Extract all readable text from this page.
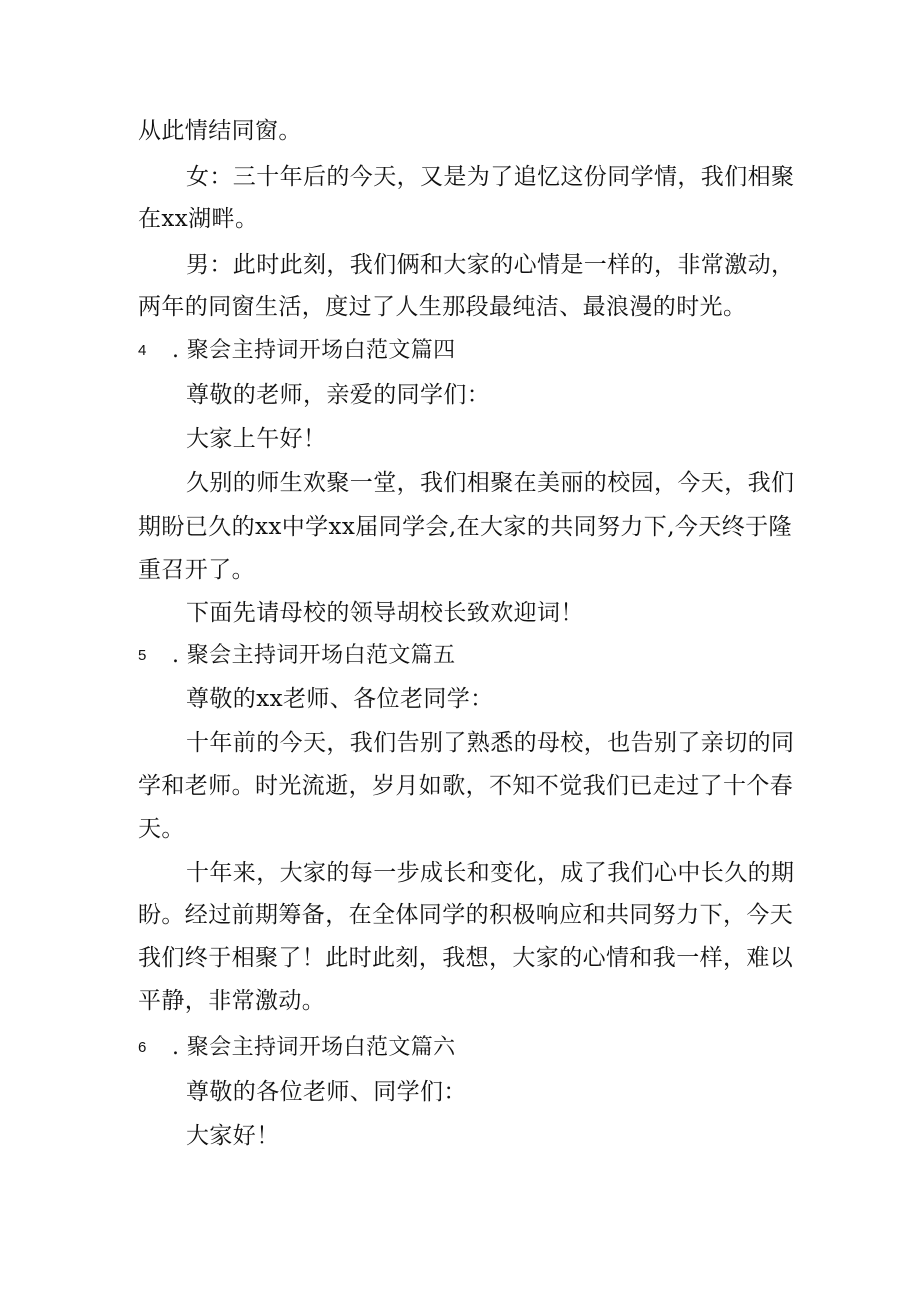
从此情结同窗。
女：三十年后的今天，又是为了追忆这份同学情，我们相聚
在xx湖畔。
男：此时此刻，我们俩和大家的心情是一样的，非常激动，
两年的同窗生活，度过了人生那段最纯洁、最浪漫的时光。
4 . 聚会主持词开场白范文篇四
尊敬的老师，亲爱的同学们：
大家上午好！
久别的师生欢聚一堂，我们相聚在美丽的校园，今天，我们
期盼已久的xx中学xx届同学会,在大家的共同努力下,今天终于隆
重召开了。
下面先请母校的领导胡校长致欢迎词！
5 . 聚会主持词开场白范文篇五
尊敬的xx老师、各位老同学：
十年前的今天，我们告别了熟悉的母校，也告别了亲切的同
学和老师。时光流逝，岁月如歌，不知不觉我们已走过了十个春
天。
十年来，大家的每一步成长和变化，成了我们心中长久的期
盼。经过前期筹备，在全体同学的积极响应和共同努力下，今天
我们终于相聚了！此时此刻，我想，大家的心情和我一样，难以
平静，非常激动。
6 . 聚会主持词开场白范文篇六
尊敬的各位老师、同学们：
大家好！
